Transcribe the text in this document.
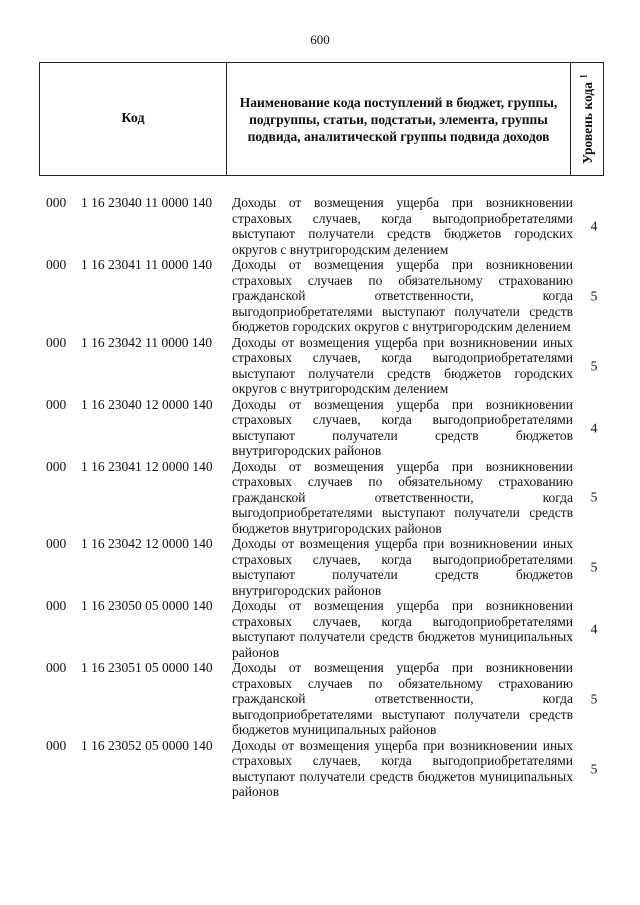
600
Код
Наименование кода поступлений в бюджет, группы, подгруппы, статьи, подстатьи, элемента, группы подвида, аналитической группы подвида доходов	Уровень кода $^1$
000 1 16 23040 11 0000 140 Доходы от возмещения ущерба при возникновении страховых случаев, когда выгодоприобретателями выступают получатели средств бюджетов городских округов с внутригородским делением
4
000 1 16 23041 11 0000 140 Доходы от возмещения ущерба при возникновении страховых случаев по обязательному страхованию гражданской ответственности, когда выгодоприобретателями выступают получатели средств бюджетов городских округов с внутригородским делением
5
000 1 16 23042 11 0000 140 Доходы от возмещения ущерба при возникновении иных страховых случаев, когда выгодоприобретателями выступают получатели средств бюджетов городских округов с внутригородским делением
5
000 1 16 23040 12 0000 140 Доходы от возмещения ущерба при возникновении страховых случаев, когда выгодоприобретателями выступают получатели средств бюджетов внутригородских районов
4
000 1 16 23041 12 0000 140 Доходы от возмещения ущерба при возникновении страховых случаев по обязательному страхованию гражданской ответственности, когда выгодоприобретателями выступают получатели средств бюджетов внутригородских районов
5
000 1 16 23042 12 0000 140 Доходы от возмещения ущерба при возникновении иных страховых случаев, когда выгодоприобретателями выступают получатели средств бюджетов внутригородских районов
5
000 1 16 23050 05 0000 140 Доходы от возмещения ущерба при возникновении страховых случаев, когда выгодоприобретателями выступают получатели средств бюджетов муниципальных районов
4
000 1 16 23051 05 0000 140 Доходы от возмещения ущерба при возникновении страховых случаев по обязательному страхованию гражданской ответственности, когда выгодоприобретателями выступают получатели средств бюджетов муниципальных районов
5
000 1 16 23052 05 0000 140 Доходы от возмещения ущерба при возникновении иных страховых случаев, когда выгодоприобретателями выступают получатели средств бюджетов муниципальных районов
5
